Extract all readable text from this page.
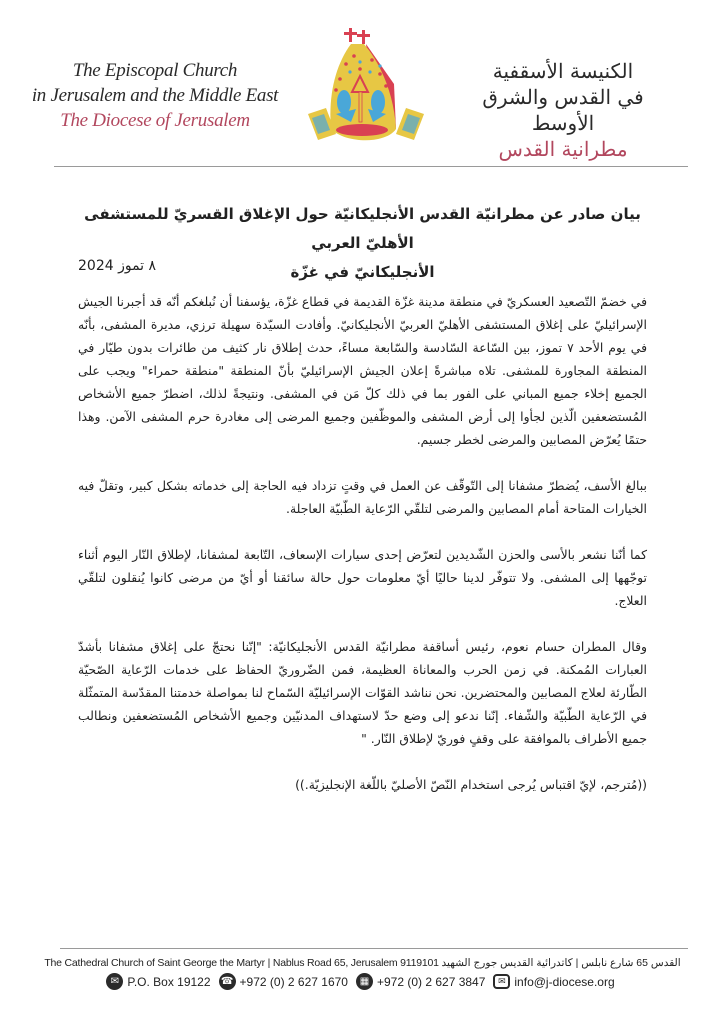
The Episcopal Church
in Jerusalem and the Middle East
The Diocese of Jerusalem
الكنيسة الأسقفية
في القدس والشرق الأوسط
مطرانية القدس
بيان صادر عن مطرانيّة القدس الأنجليكانيّة حول الإغلاق القسريّ للمستشفى الأهليّ العربي
الأنجليكانيّ في غزّة
٨ تموز 2024

في خضمّ التّصعيد العسكريّ في منطقة مدينة غزّة القديمة في قطاع غزّة، يؤسفنا أن نُبلغكم أنّه قد أجبرنا الجيش الإسرائيليّ على إغلاق المستشفى الأهليّ العربيّ الأنجليكانيّ. وأفادت السيّدة سهيلة ترزي، مديرة المشفى، بأنّه في يوم الأحد ٧ تموز، بين السّاعة السّادسة والسّابعة مساءً، حدث إطلاق نار كثيف من طائرات بدون طيّار في المنطقة المجاورة للمشفى. تلاه مباشرةً إعلان الجيش الإسرائيليّ بأنّ المنطقة "منطقة حمراء" ويجب على الجميع إخلاء جميع المباني على الفور بما في ذلك كلّ مَن في المشفى. ونتيجةً لذلك، اضطرّ جميع الأشخاص المُستضعفين الّذين لجأوا إلى أرض المشفى والموظّفين وجميع المرضى إلى مغادرة حرم المشفى الآمن. وهذا حتمًا يُعرّض المصابين والمرضى لخطر جسيم.

ببالغ الأسف، يُضطرّ مشفانا إلى التّوقّف عن العمل في وقتٍ تزداد فيه الحاجة إلى خدماته بشكل كبير، وتقلّ فيه الخيارات المتاحة أمام المصابين والمرضى لتلقّي الرّعاية الطّبيّة العاجلة.

كما أنّنا نشعر بالأسى والحزن الشّديدين لتعرّض إحدى سيارات الإسعاف، التّابعة لمشفانا، لإطلاق النّار اليوم أثناء توجّهها إلى المشفى. ولا تتوفّر لدينا حاليًا أيّ معلومات حول حالة سائقنا أو أيّ من مرضى كانوا يُنقلون لتلقّي العلاج.

وقال المطران حسام نعوم، رئيس أساقفة مطرانيّة القدس الأنجليكانيّة: "إنّنا نحتجّ على إغلاق مشفانا بأشدّ العبارات المُمكنة. في زمن الحرب والمعاناة العظيمة، فمن الضّروريّ الحفاظ على خدمات الرّعاية الصّحيّة الطّارئة لعلاج المصابين والمحتضرين. نحن نناشد القوّات الإسرائيليّة السّماح لنا بمواصلة خدمتنا المقدّسة المتمثّلة في الرّعاية الطّبيّة والشّفاء. إنّنا ندعو إلى وضع حدّ لاستهداف المدنيّين وجميع الأشخاص المُستضعفين ونطالب جميع الأطراف بالموافقة على وقفٍ فوريّ لإطلاق النّار. "

((مُترجم، لإيّ اقتباس يُرجى استخدام النّصّ الأصليّ باللّغة الإنجليزيّة.))

The Cathedral Church of Saint George the Martyr | Nablus Road 65, Jerusalem 9119101 القدس 65 شارع نابلس | كاتدرائية القديس جورج الشهيد
✉ P.O. Box 19122 ☎ +972 (0) 2 627 1670	▦ +972 (0) 2 627 3847	✉ info@j-diocese.org
